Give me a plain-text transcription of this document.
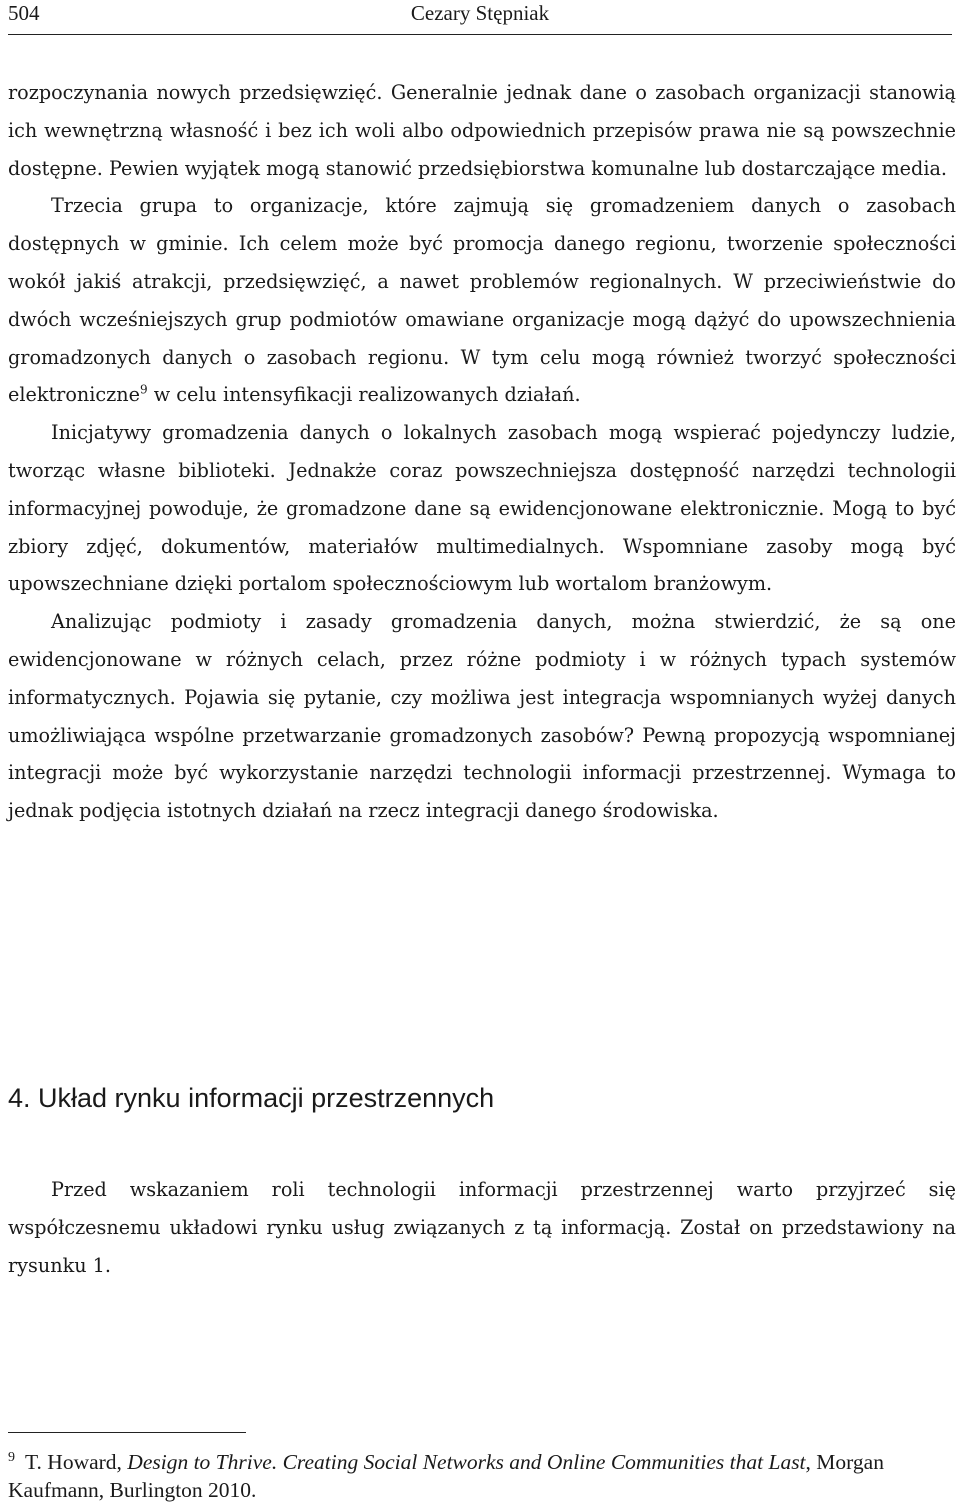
504	Cezary Stępniak

rozpoczynania nowych przedsięwzięć. Generalnie jednak dane o zasobach organizacji stanowią ich wewnętrzną własność i bez ich woli albo odpowiednich przepisów prawa nie są powszechnie dostępne. Pewien wyjątek mogą stanowić przedsiębiorstwa komunalne lub dostarczające media.

Trzecia grupa to organizacje, które zajmują się gromadzeniem danych o zasobach dostępnych w gminie. Ich celem może być promocja danego regionu, tworzenie społeczności wokół jakiś atrakcji, przedsięwzięć, a nawet problemów regionalnych. W przeciwieństwie do dwóch wcześniejszych grup podmiotów omawiane organizacje mogą dążyć do upowszechnienia gromadzonych danych o zasobach regionu. W tym celu mogą również tworzyć społeczności elektroniczne$^9$ w celu intensyfikacji realizowanych działań.

Inicjatywy gromadzenia danych o lokalnych zasobach mogą wspierać pojedynczy ludzie, tworząc własne biblioteki. Jednakże coraz powszechniejsza dostępność narzędzi technologii informacyjnej powoduje, że gromadzone dane są ewidencjonowane elektronicznie. Mogą to być zbiory zdjęć, dokumentów, materiałów multimedialnych. Wspomniane zasoby mogą być upowszechniane dzięki portalom społecznościowym lub wortalom branżowym.

Analizując podmioty i zasady gromadzenia danych, można stwierdzić, że są one ewidencjonowane w różnych celach, przez różne podmioty i w różnych typach systemów informatycznych. Pojawia się pytanie, czy możliwa jest integracja wspomnianych wyżej danych umożliwiająca wspólne przetwarzanie gromadzonych zasobów? Pewną propozycją wspomnianej integracji może być wykorzystanie narzędzi technologii informacji przestrzennej. Wymaga to jednak podjęcia istotnych działań na rzecz integracji danego środowiska.

4. Układ rynku informacji przestrzennych

Przed wskazaniem roli technologii informacji przestrzennej warto przyjrzeć się współczesnemu układowi rynku usług związanych z tą informacją. Został on przedstawiony na rysunku 1.

$^9$ T. Howard, Design to Thrive. Creating Social Networks and Online Communities that Last, Morgan Kaufmann, Burlington 2010.
